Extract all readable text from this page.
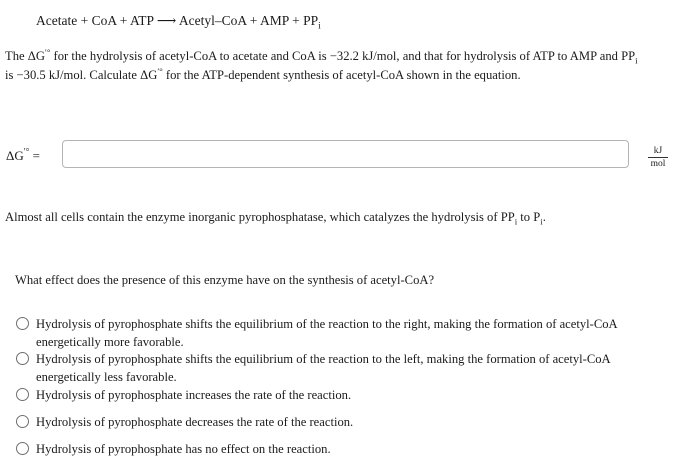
Acetate + CoA + ATP ⟶ Acetyl–CoA + AMP + $PP_i$
The ΔG′° for the hydrolysis of acetyl-CoA to acetate and CoA is −32.2 kJ/mol, and that for hydrolysis of ATP to AMP and $PP_i$
is −30.5 kJ/mol. Calculate ΔG′° for the ATP-dependent synthesis of acetyl-CoA shown in the equation.
ΔG′° =	kJ
mol
Almost all cells contain the enzyme inorganic pyrophosphatase, which catalyzes the hydrolysis of $PP_i$ to $P_i$.
What effect does the presence of this enzyme have on the synthesis of acetyl-CoA?
Hydrolysis of pyrophosphate shifts the equilibrium of the reaction to the right, making the formation of acetyl-CoA
energetically more favorable.
Hydrolysis of pyrophosphate shifts the equilibrium of the reaction to the left, making the formation of acetyl-CoA
energetically less favorable.
Hydrolysis of pyrophosphate increases the rate of the reaction.
Hydrolysis of pyrophosphate decreases the rate of the reaction.
Hydrolysis of pyrophosphate has no effect on the reaction.
